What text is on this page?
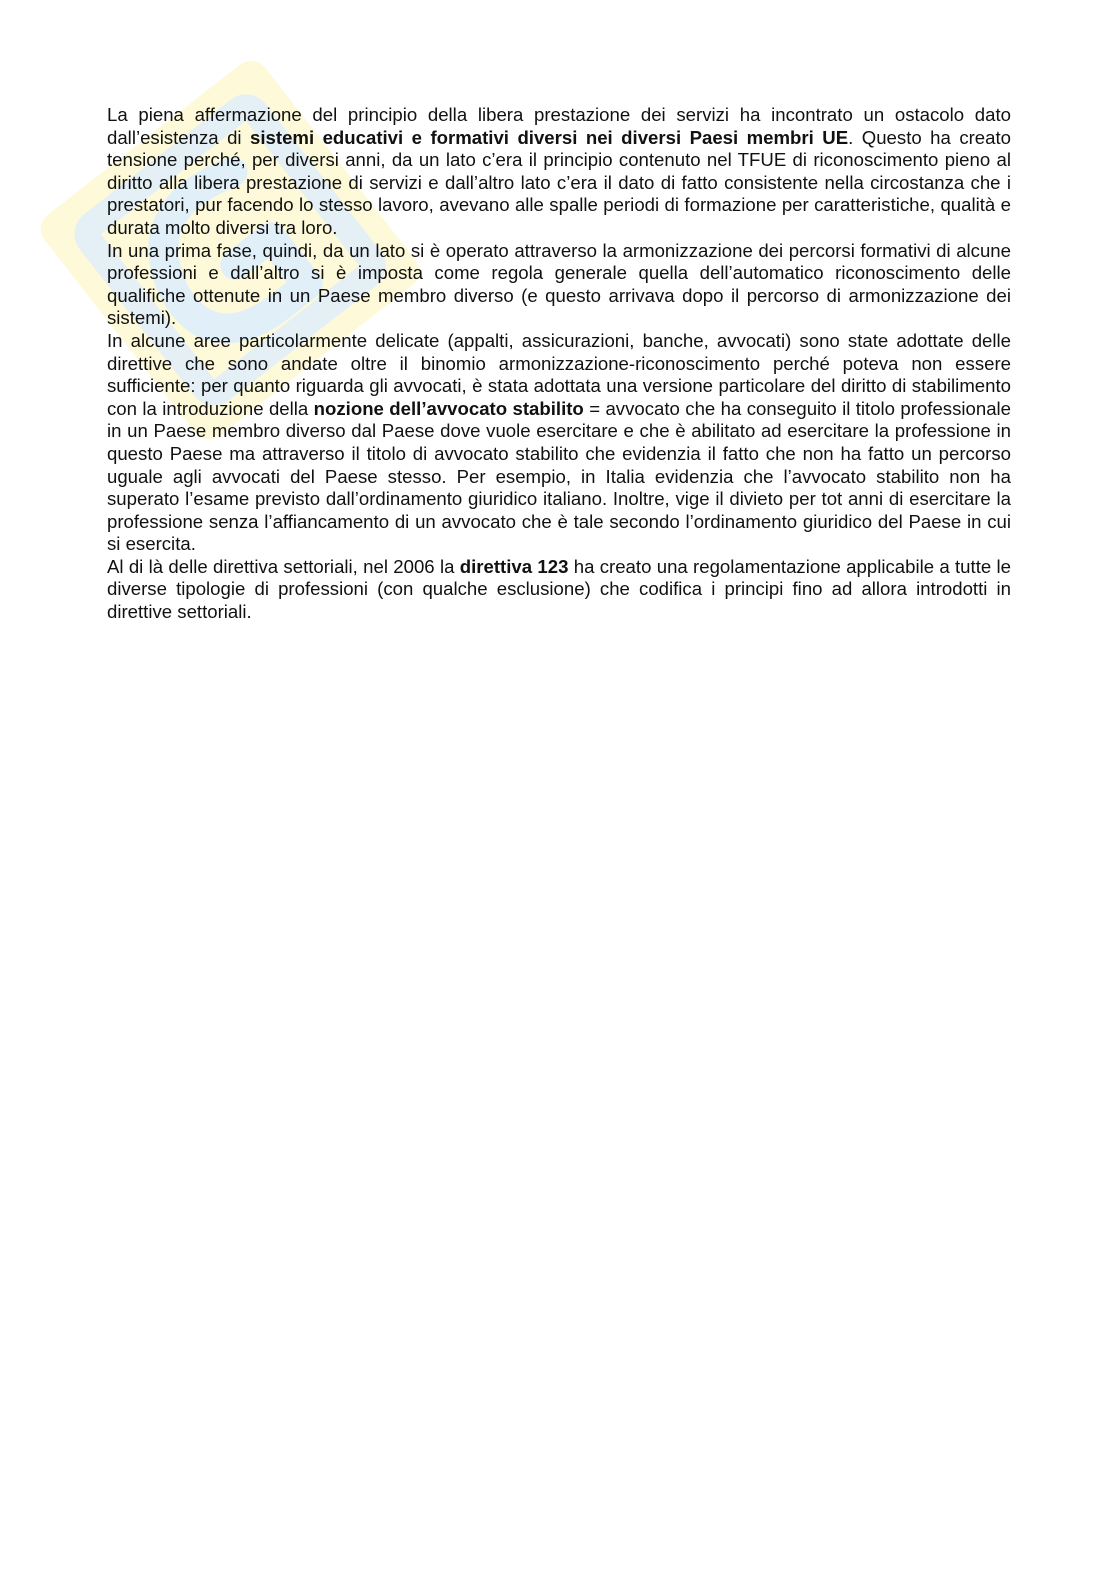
La piena affermazione del principio della libera prestazione dei servizi ha incontrato un ostacolo dato dall’esistenza di sistemi educativi e formativi diversi nei diversi Paesi membri UE. Questo ha creato tensione perché, per diversi anni, da un lato c’era il principio contenuto nel TFUE di riconoscimento pieno al diritto alla libera prestazione di servizi e dall’altro lato c’era il dato di fatto consistente nella circostanza che i prestatori, pur facendo lo stesso lavoro, avevano alle spalle periodi di formazione per caratteristiche, qualità e durata molto diversi tra loro.

In una prima fase, quindi, da un lato si è operato attraverso la armonizzazione dei percorsi formativi di alcune professioni e dall’altro si è imposta come regola generale quella dell’automatico riconoscimento delle qualifiche ottenute in un Paese membro diverso (e questo arrivava dopo il percorso di armonizzazione dei sistemi).

In alcune aree particolarmente delicate (appalti, assicurazioni, banche, avvocati) sono state adottate delle direttive che sono andate oltre il binomio armonizzazione-riconoscimento perché poteva non essere sufficiente: per quanto riguarda gli avvocati, è stata adottata una versione particolare del diritto di stabilimento con la introduzione della nozione dell’avvocato stabilito = avvocato che ha conseguito il titolo professionale in un Paese membro diverso dal Paese dove vuole esercitare e che è abilitato ad esercitare la professione in questo Paese ma attraverso il titolo di avvocato stabilito che evidenzia il fatto che non ha fatto un percorso uguale agli avvocati del Paese stesso. Per esempio, in Italia evidenzia che l’avvocato stabilito non ha superato l’esame previsto dall’ordinamento giuridico italiano. Inoltre, vige il divieto per tot anni di esercitare la professione senza l’affiancamento di un avvocato che è tale secondo l’ordinamento giuridico del Paese in cui si esercita.

Al di là delle direttiva settoriali, nel 2006 la direttiva 123 ha creato una regolamentazione applicabile a tutte le diverse tipologie di professioni (con qualche esclusione) che codifica i principi fino ad allora introdotti in direttive settoriali.
